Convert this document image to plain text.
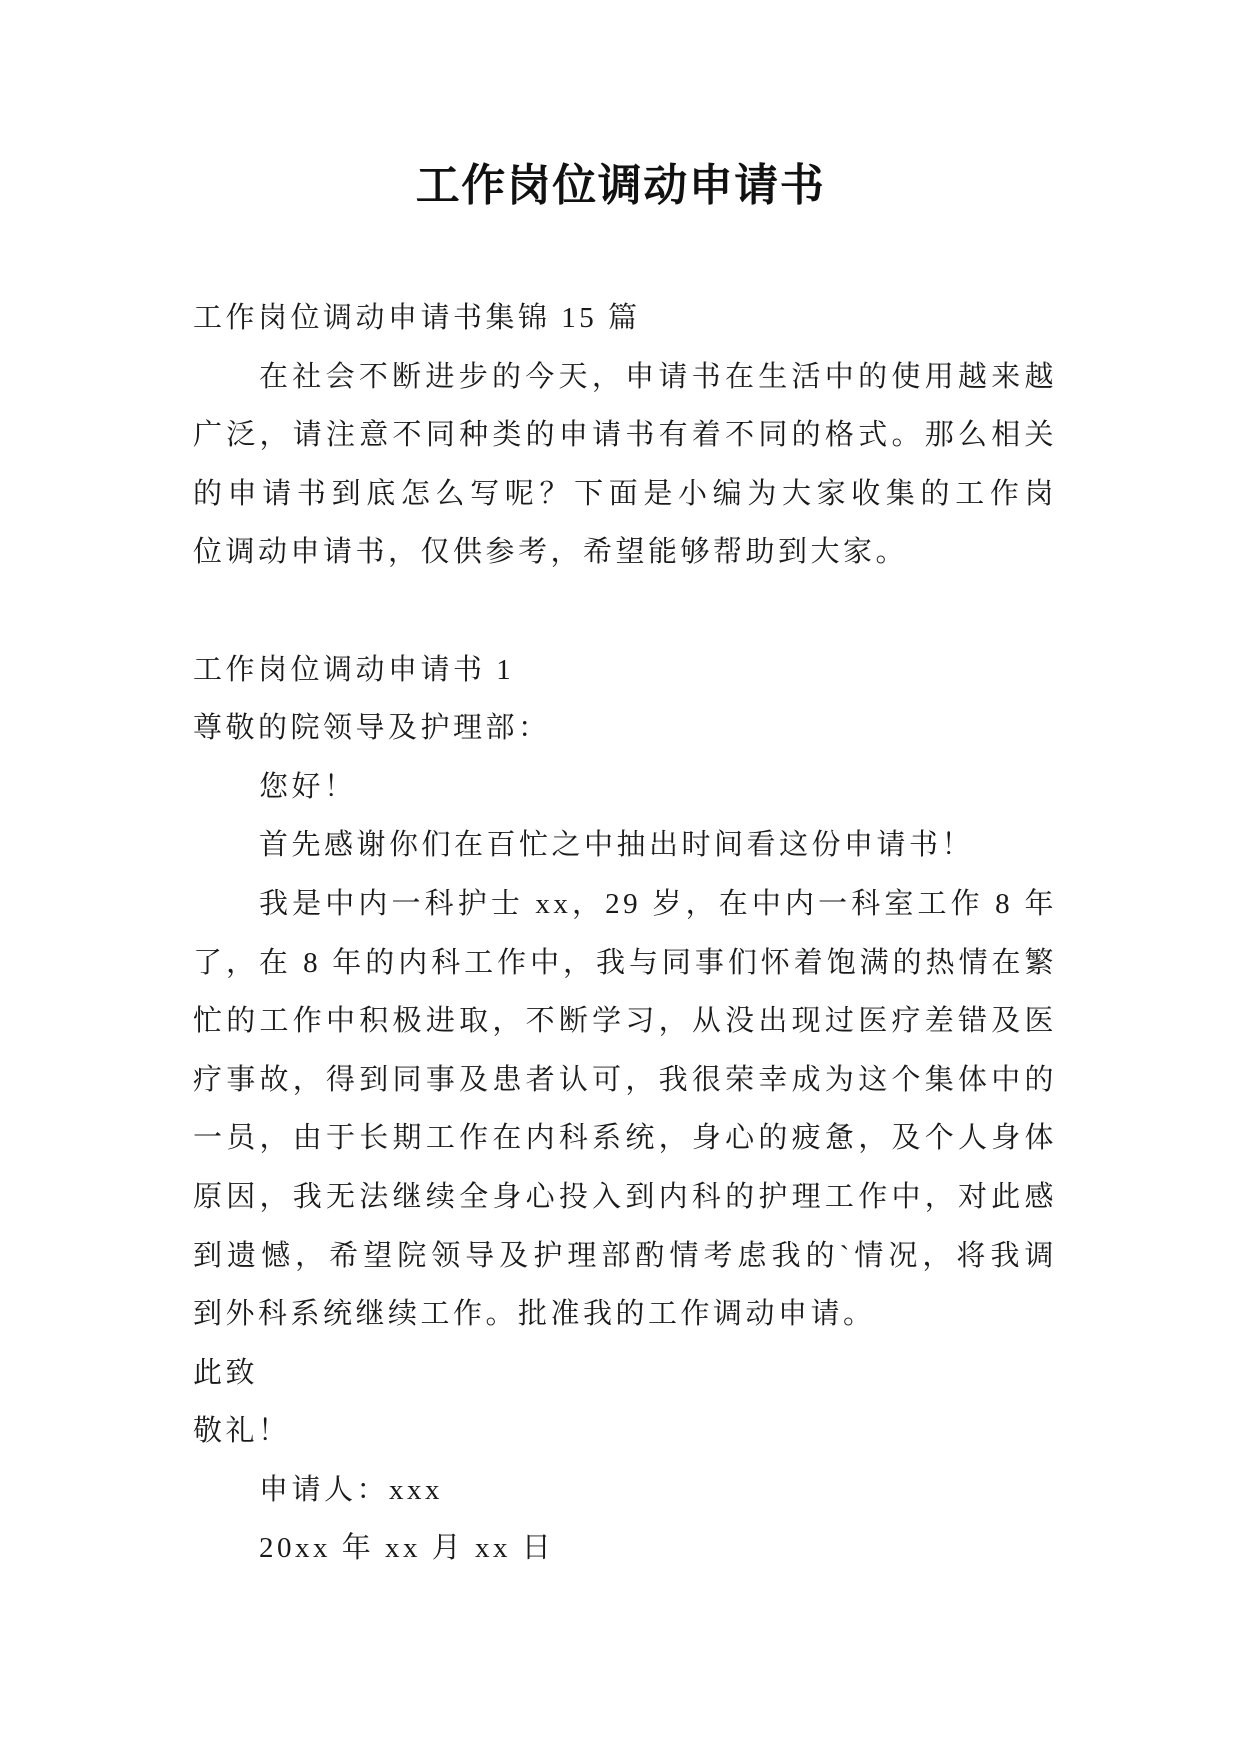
工作岗位调动申请书
工作岗位调动申请书集锦 15 篇
在社会不断进步的今天，申请书在生活中的使用越来越
广泛，请注意不同种类的申请书有着不同的格式。那么相关
的申请书到底怎么写呢？下面是小编为大家收集的工作岗
位调动申请书，仅供参考，希望能够帮助到大家。
工作岗位调动申请书 1
尊敬的院领导及护理部：
您好！
首先感谢你们在百忙之中抽出时间看这份申请书！
我是中内一科护士 xx，29 岁，在中内一科室工作 8 年
了，在 8 年的内科工作中，我与同事们怀着饱满的热情在繁
忙的工作中积极进取，不断学习，从没出现过医疗差错及医
疗事故，得到同事及患者认可，我很荣幸成为这个集体中的
一员，由于长期工作在内科系统，身心的疲惫，及个人身体
原因，我无法继续全身心投入到内科的护理工作中，对此感
到遗憾，希望院领导及护理部酌情考虑我的`情况，将我调
到外科系统继续工作。批准我的工作调动申请。
此致
敬礼！
申请人：xxx
20xx 年 xx 月 xx 日
